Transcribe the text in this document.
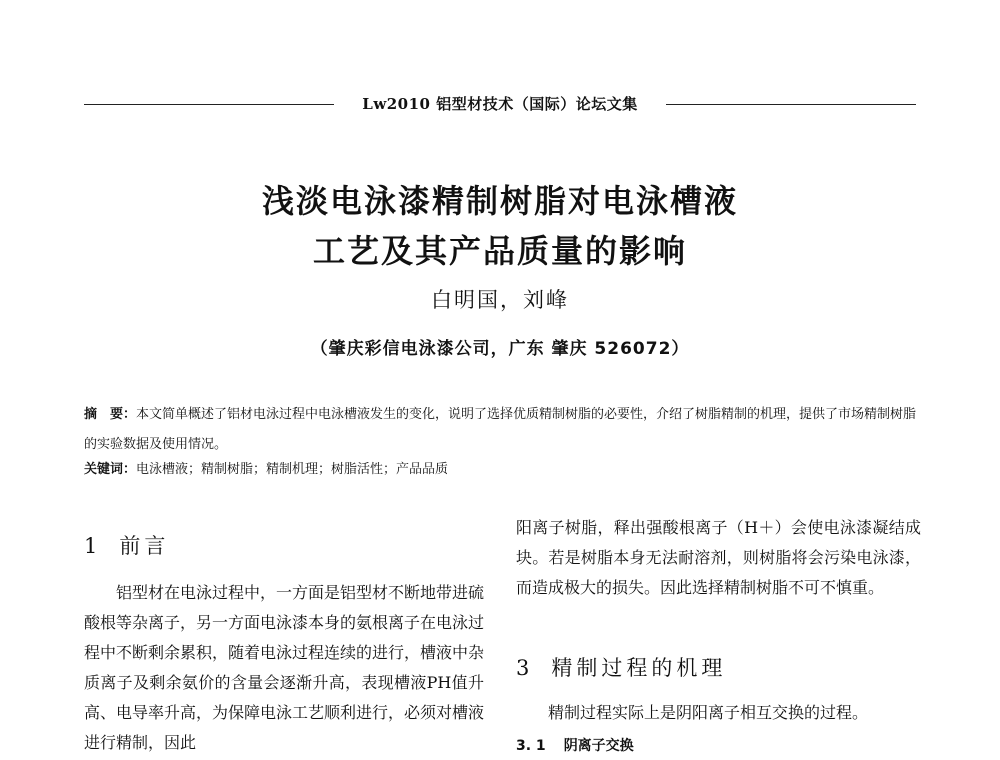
Lw2010 铝型材技术（国际）论坛文集
浅淡电泳漆精制树脂对电泳槽液
工艺及其产品质量的影响
白明国，刘峰
（肇庆彩信电泳漆公司，广东 肇庆 526072）
摘　要：本文简单概述了铝材电泳过程中电泳槽液发生的变化，说明了选择优质精制树脂的必要性，介绍了树脂精制的机理，提供了市场精制树脂的实验数据及使用情况。
关键词：电泳槽液；精制树脂；精制机理；树脂活性；产品品质
1 前言

铝型材在电泳过程中，一方面是铝型材不断地带进硫酸根等杂离子，另一方面电泳漆本身的氨根离子在电泳过程中不断剩余累积，随着电泳过程连续的进行，槽液中杂质离子及剩余氨价的含量会逐渐升高，表现槽液PH值升高、电导率升高，为保障电泳工艺顺利进行，必须对槽液进行精制，因此

阳离子树脂，释出强酸根离子（H＋）会使电泳漆凝结成块。若是树脂本身无法耐溶剂，则树脂将会污染电泳漆，而造成极大的损失。因此选择精制树脂不可不慎重。

3 精制过程的机理

精制过程实际上是阴阳离子相互交换的过程。

3. 1 阴离子交换
